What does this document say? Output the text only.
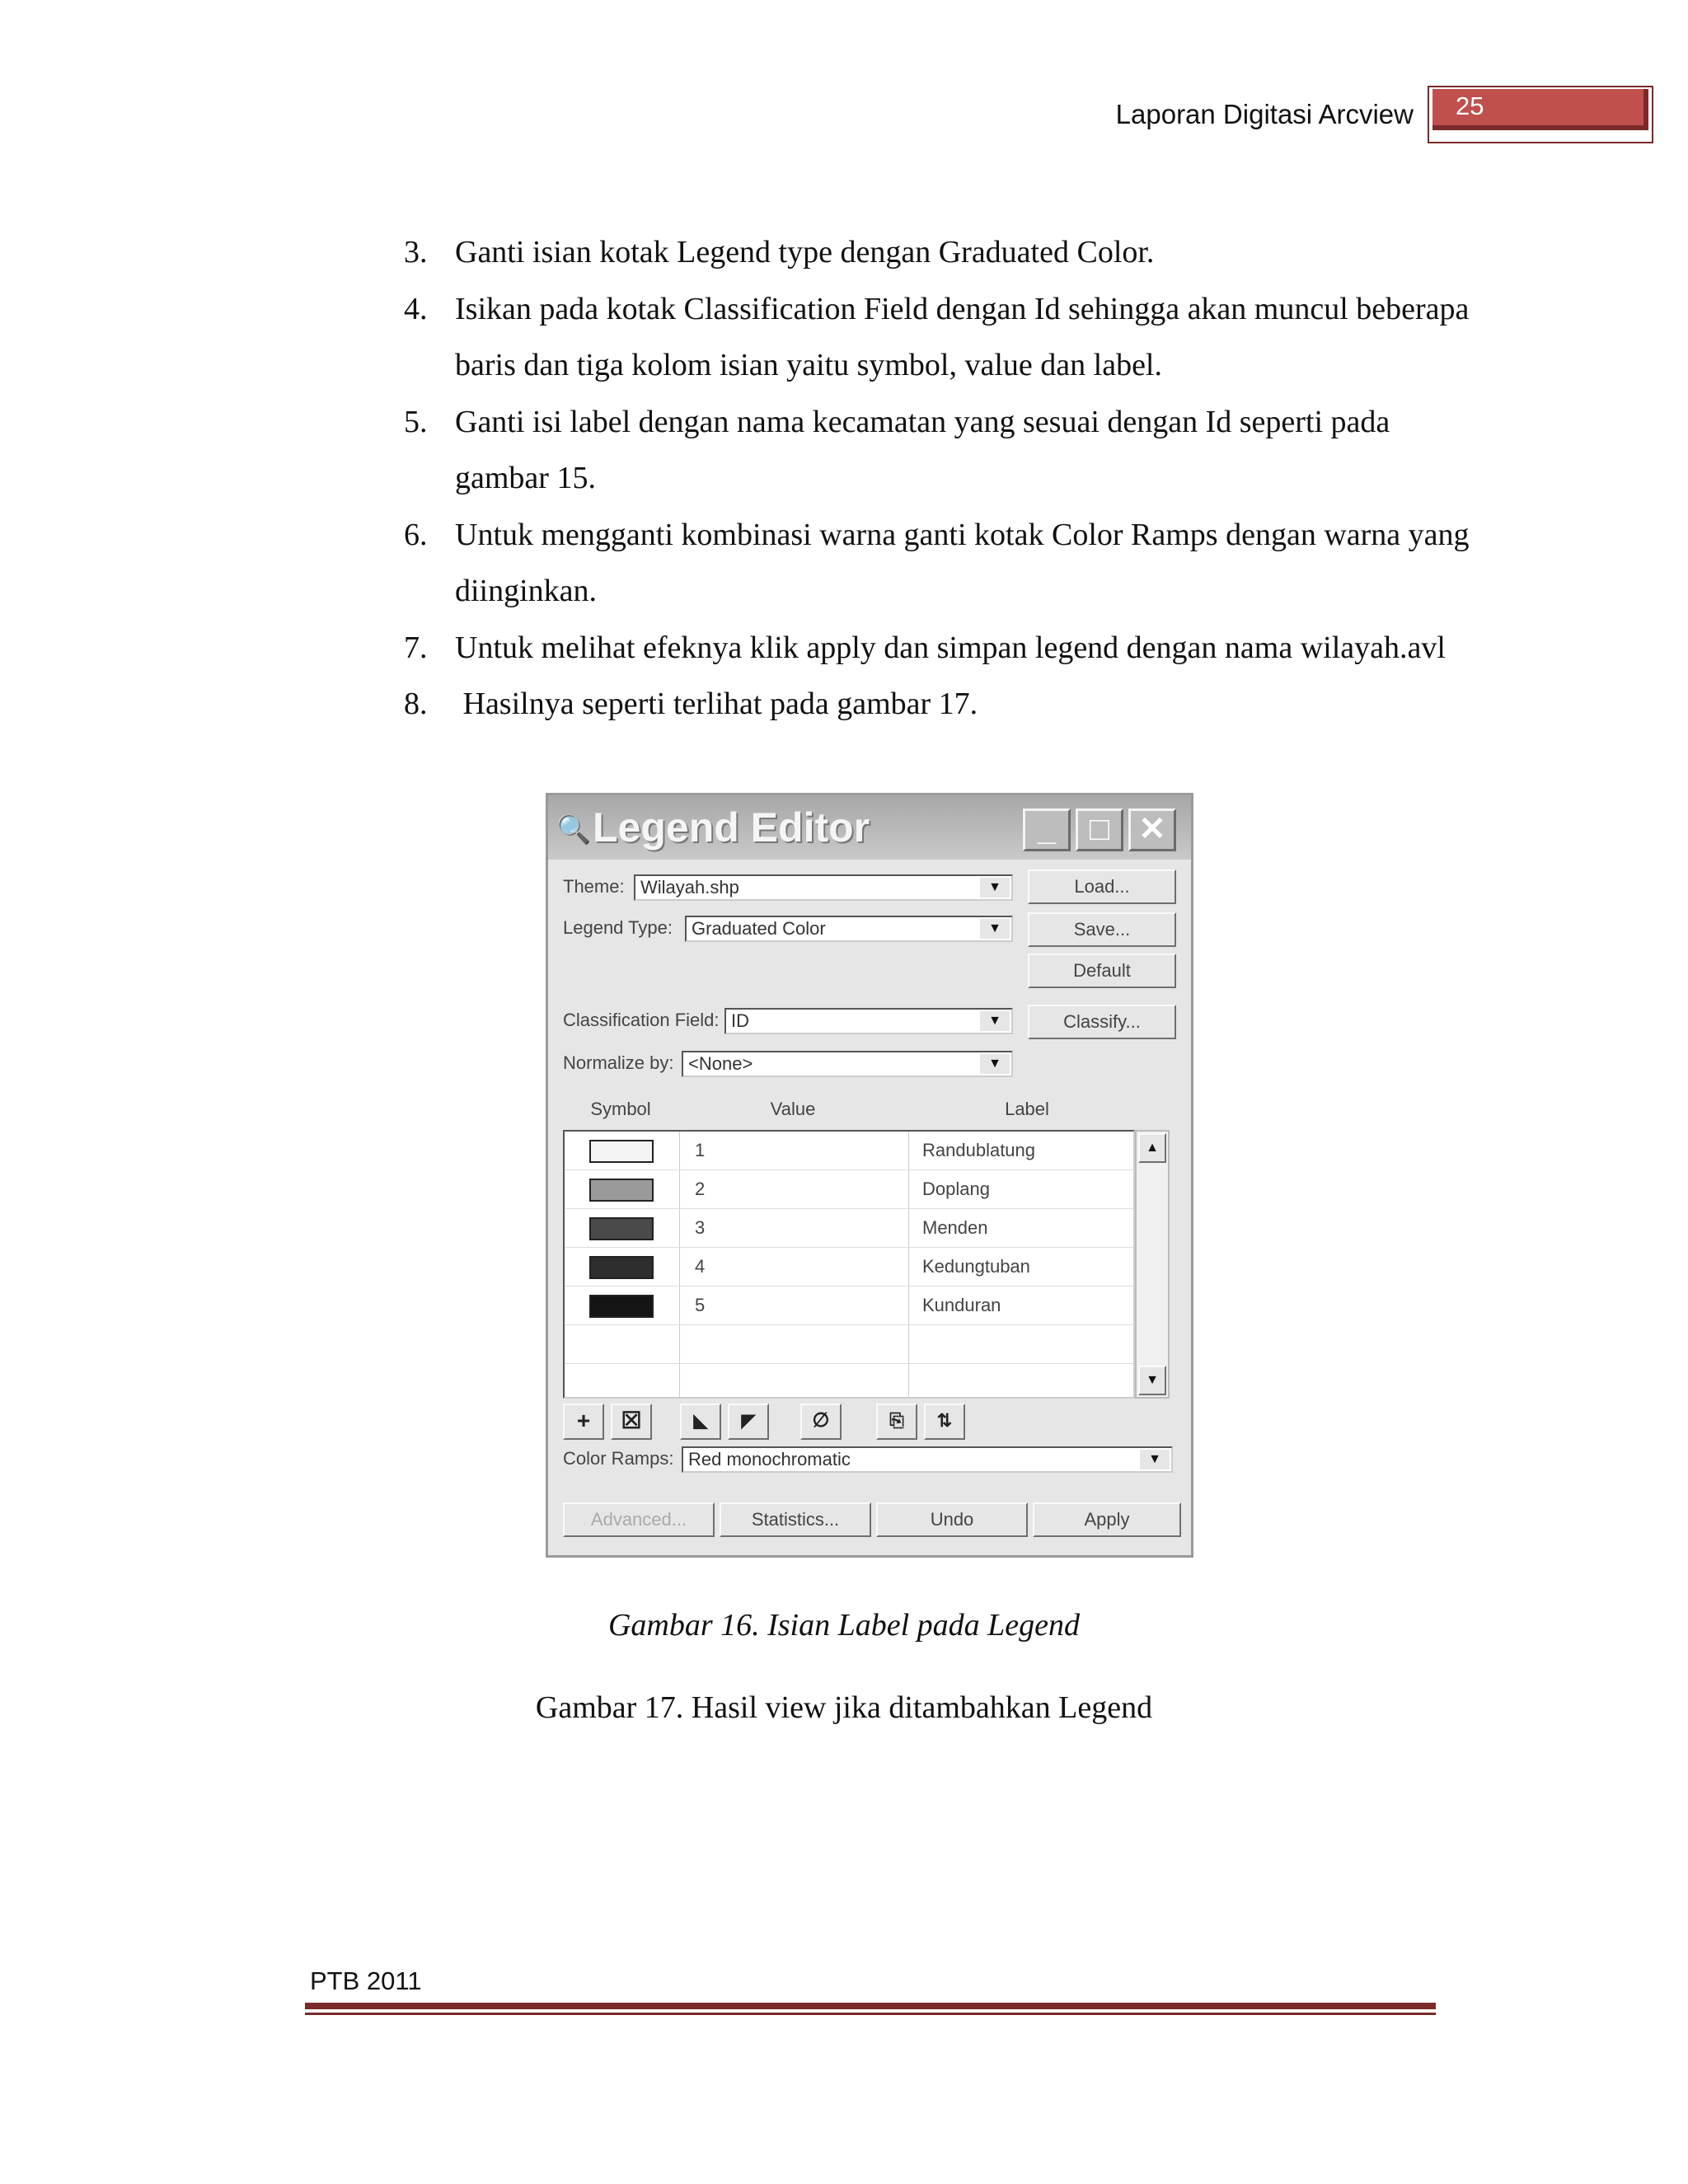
Laporan Digitasi Arcview	25
3. Ganti isian kotak Legend type dengan Graduated Color.
4. Isikan pada kotak Classification Field dengan Id sehingga akan muncul beberapa baris dan tiga kolom isian yaitu symbol, value dan label.
5. Ganti isi label dengan nama kecamatan yang sesuai dengan Id seperti pada gambar 15.
6. Untuk mengganti kombinasi warna ganti kotak Color Ramps dengan warna yang diinginkan.
7. Untuk melihat efeknya klik apply dan simpan legend dengan nama wilayah.avl
8. Hasilnya seperti terlihat pada gambar 17.
🔍 Legend Editor	_	□ ✕
Theme: Wilayah.shp	▼
Legend Type:	Graduated Color	▼
Load...
Save...
Default
Classification Field: ID	▼	Classify...
Normalize by: <None>	▼
Symbol	Value	Label
1	Randublatung
2	Doplang
3	Menden
4	Kedungtuban
5	Kunduran
▲
▼
+	☒	◣	◤	∅	⎘	⇅
Color Ramps: Red monochromatic	▼
Advanced...	Statistics...	Undo	Apply
Gambar 16. Isian Label pada Legend
Gambar 17. Hasil view jika ditambahkan Legend
PTB 2011
